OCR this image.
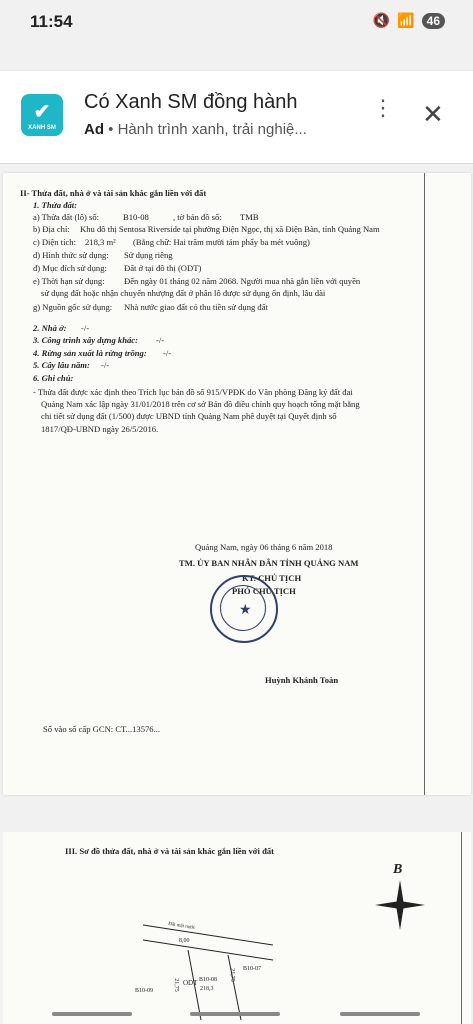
11:54	🔇 📶	46
✔
XANH SM
Có Xanh SM đồng hành
Ad • Hành trình xanh, trải nghiệ...
⋮ ✕
II- Thửa đất, nhà ở và tài sản khác gắn liền với đất
1. Thửa đất:
a) Thửa đất (lô) số:	B10-08	, tờ bản đồ số: TMB
b) Địa chỉ: Khu đô thị Sentosa Riverside tại phường Điện Ngọc, thị xã Điện Bàn, tỉnh Quảng Nam
c) Diện tích: 218,3 m² (Bằng chữ: Hai trăm mười tám phẩy ba mét vuông)
d) Hình thức sử dụng: Sử dụng riêng
đ) Mục đích sử dụng: Đất ở tại đô thị (ODT)
e) Thời hạn sử dụng: Đến ngày 01 tháng 02 năm 2068. Người mua nhà gắn liền với quyền
sử dụng đất hoặc nhận chuyển nhượng đất ở phân lô được sử dụng ổn định, lâu dài
g) Nguồn gốc sử dụng: Nhà nước giao đất có thu tiền sử dụng đất
2. Nhà ở: -/-
3. Công trình xây dựng khác: -/-
4. Rừng sản xuất là rừng trồng: -/-
5. Cây lâu năm: -/-
6. Ghi chú:
- Thửa đất được xác định theo Trích lục bản đồ số 915/VPĐK do Văn phòng Đăng ký đất đai
Quảng Nam xác lập ngày 31/01/2018 trên cơ sở Bản đồ điều chỉnh quy hoạch tổng mặt bằng
chi tiết sử dụng đất (1/500) được UBND tỉnh Quảng Nam phê duyệt tại Quyết định số
1817/QĐ-UBND ngày 26/5/2016.
Quảng Nam, ngày 06 tháng 6 năm 2018
TM. ỦY BAN NHÂN DÂN TỈNH QUẢNG NAM
KT. CHỦ TỊCH
PHÓ CHỦ TỊCH
★
Huỳnh Khánh Toàn
Số vào sổ cấp GCN: CT...13576...
III. Sơ đồ thửa đất, nhà ở và tài sản khác gắn liền với đất
B
Đất mặt nước
8,00
21,75
21,75
ODT B10-08
218,3
B10-09
B10-07
